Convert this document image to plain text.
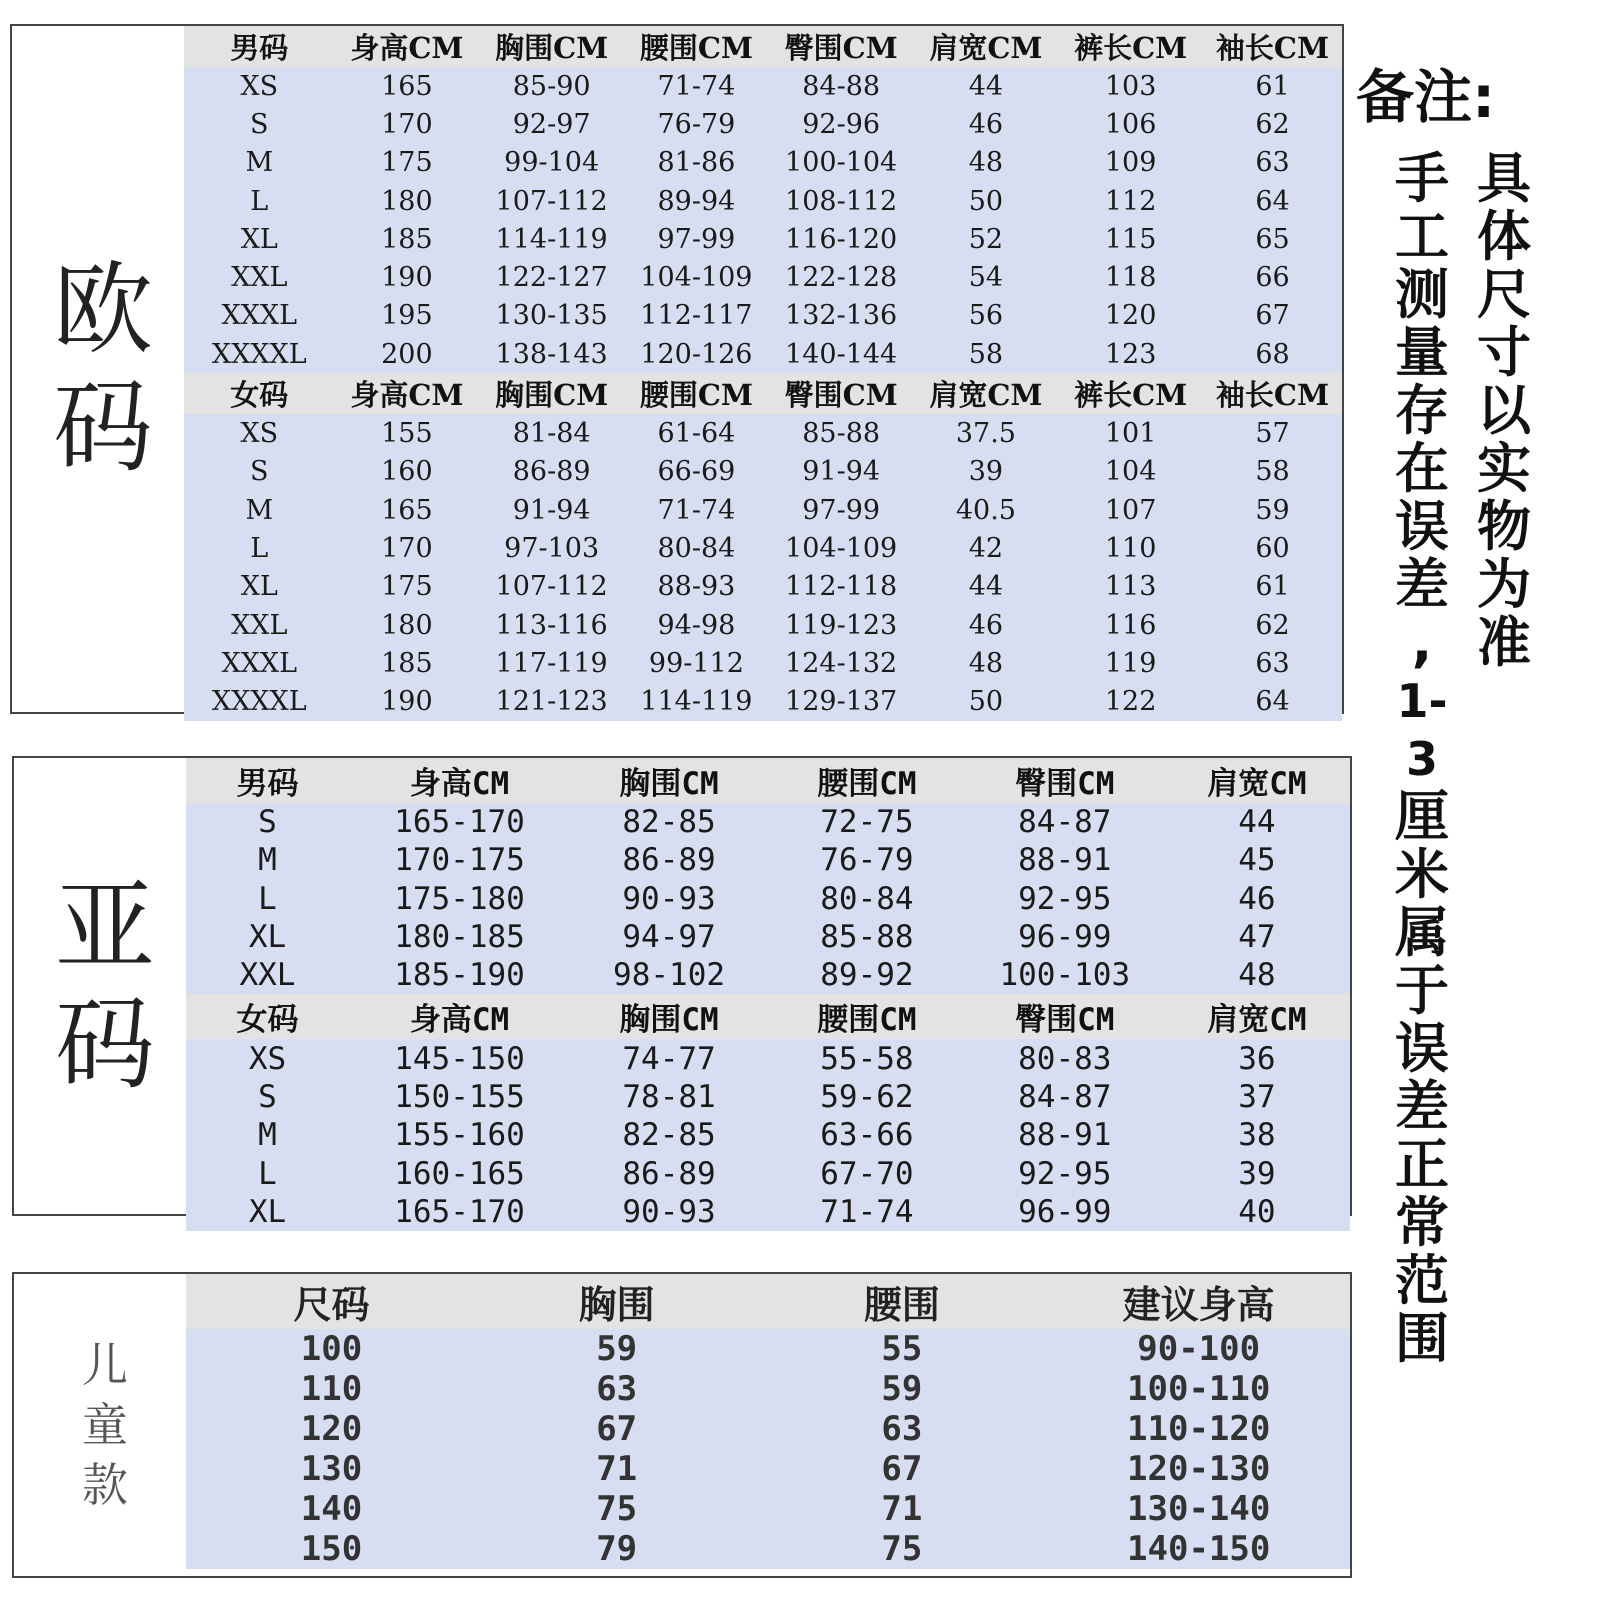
欧
码
男码	身高CM	胸围CM	腰围CM	臀围CM	肩宽CM	裤长CM	袖长CM
XS	165	85-90	71-74	84-88	44	103	61
S	170	92-97	76-79	92-96	46	106	62
M	175	99-104	81-86	100-104	48	109	63
L	180	107-112	89-94	108-112	50	112	64
XL	185	114-119	97-99	116-120	52	115	65
XXL	190	122-127	104-109	122-128	54	118	66
XXXL	195	130-135	112-117	132-136	56	120	67
XXXXL	200	138-143	120-126	140-144	58	123	68
女码	身高CM	胸围CM	腰围CM	臀围CM	肩宽CM	裤长CM	袖长CM
XS	155	81-84	61-64	85-88	37.5	101	57
S	160	86-89	66-69	91-94	39	104	58
M	165	91-94	71-74	97-99	40.5	107	59
L	170	97-103	80-84	104-109	42	110	60
XL	175	107-112	88-93	112-118	44	113	61
XXL	180	113-116	94-98	119-123	46	116	62
XXXL	185	117-119	99-112	124-132	48	119	63
XXXXL	190	121-123	114-119	129-137	50	122	64
亚
码
男码	身高CM	胸围CM	腰围CM	臀围CM	肩宽CM
S	165-170	82-85	72-75	84-87	44
M	170-175	86-89	76-79	88-91	45
L	175-180	90-93	80-84	92-95	46
XL	180-185	94-97	85-88	96-99	47
XXL	185-190	98-102	89-92	100-103	48
女码	身高CM	胸围CM	腰围CM	臀围CM	肩宽CM
XS	145-150	74-77	55-58	80-83	36
S	150-155	78-81	59-62	84-87	37
M	155-160	82-85	63-66	88-91	38
L	160-165	86-89	67-70	92-95	39
XL	165-170	90-93	71-74	96-99	40
儿
童
款
尺码	胸围	腰围	建议身高
100	59	55	90-100
110	63	59	100-110
120	67	63	110-120
130	71	67	120-130
140	75	71	130-140
150	79	75	140-150
备注:
具
体
尺
寸
以
实
物
为
准
手
工
测
量
存
在
误
差
,
1-3
厘
米
属
于
误
差
正
常
范
围
